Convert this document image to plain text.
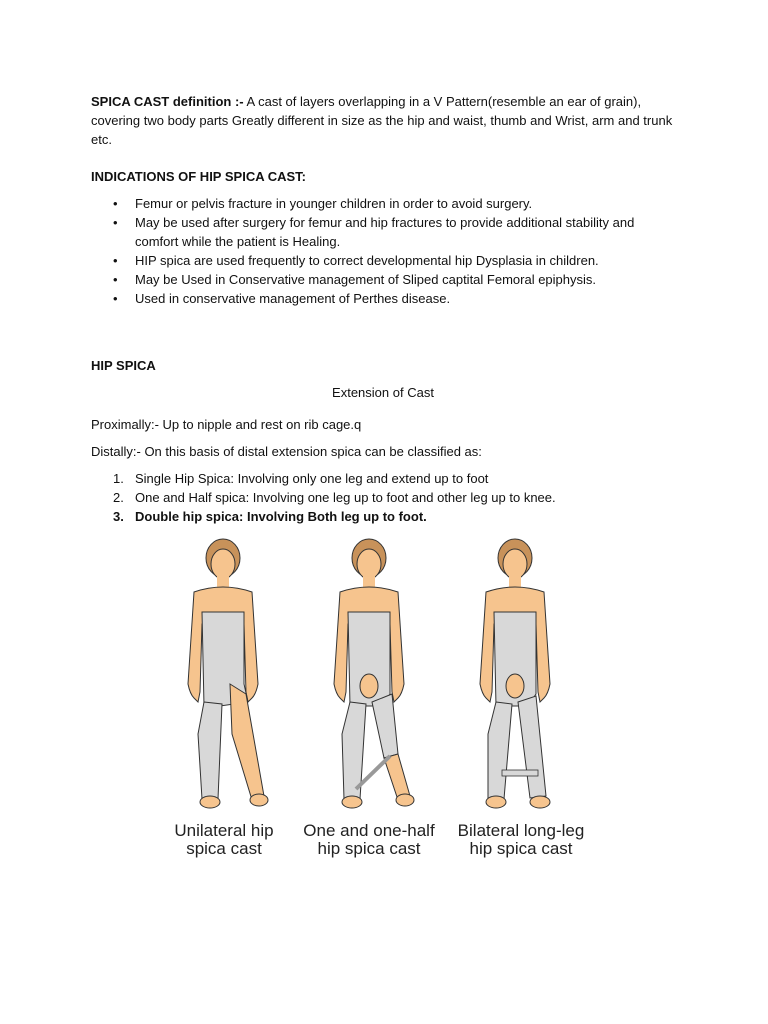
SPICA CAST definition :- A cast of layers overlapping in a V Pattern(resemble an ear of grain), covering two body parts Greatly different in size as the hip and waist, thumb and Wrist, arm and trunk etc.

INDICATIONS OF HIP SPICA CAST:

• Femur or pelvis fracture in younger children in order to avoid surgery.
• May be used after surgery for femur and hip fractures to provide additional stability and comfort while the patient is Healing.
• HIP spica are used frequently to correct developmental hip Dysplasia in children.
• May be Used in Conservative management of Sliped captital Femoral epiphysis.
• Used in conservative management of Perthes disease.

HIP SPICA

Extension of Cast

Proximally:- Up to nipple and rest on rib cage.q

Distally:- On this basis of distal extension spica can be classified as:

1. Single Hip Spica: Involving only one leg and extend up to foot
2. One and Half spica: Involving one leg up to foot and other leg up to knee.
3. Double hip spica: Involving Both leg up to foot.
Unilateral hip
spica cast
One and one-half
hip spica cast
Bilateral long-leg
hip spica cast
